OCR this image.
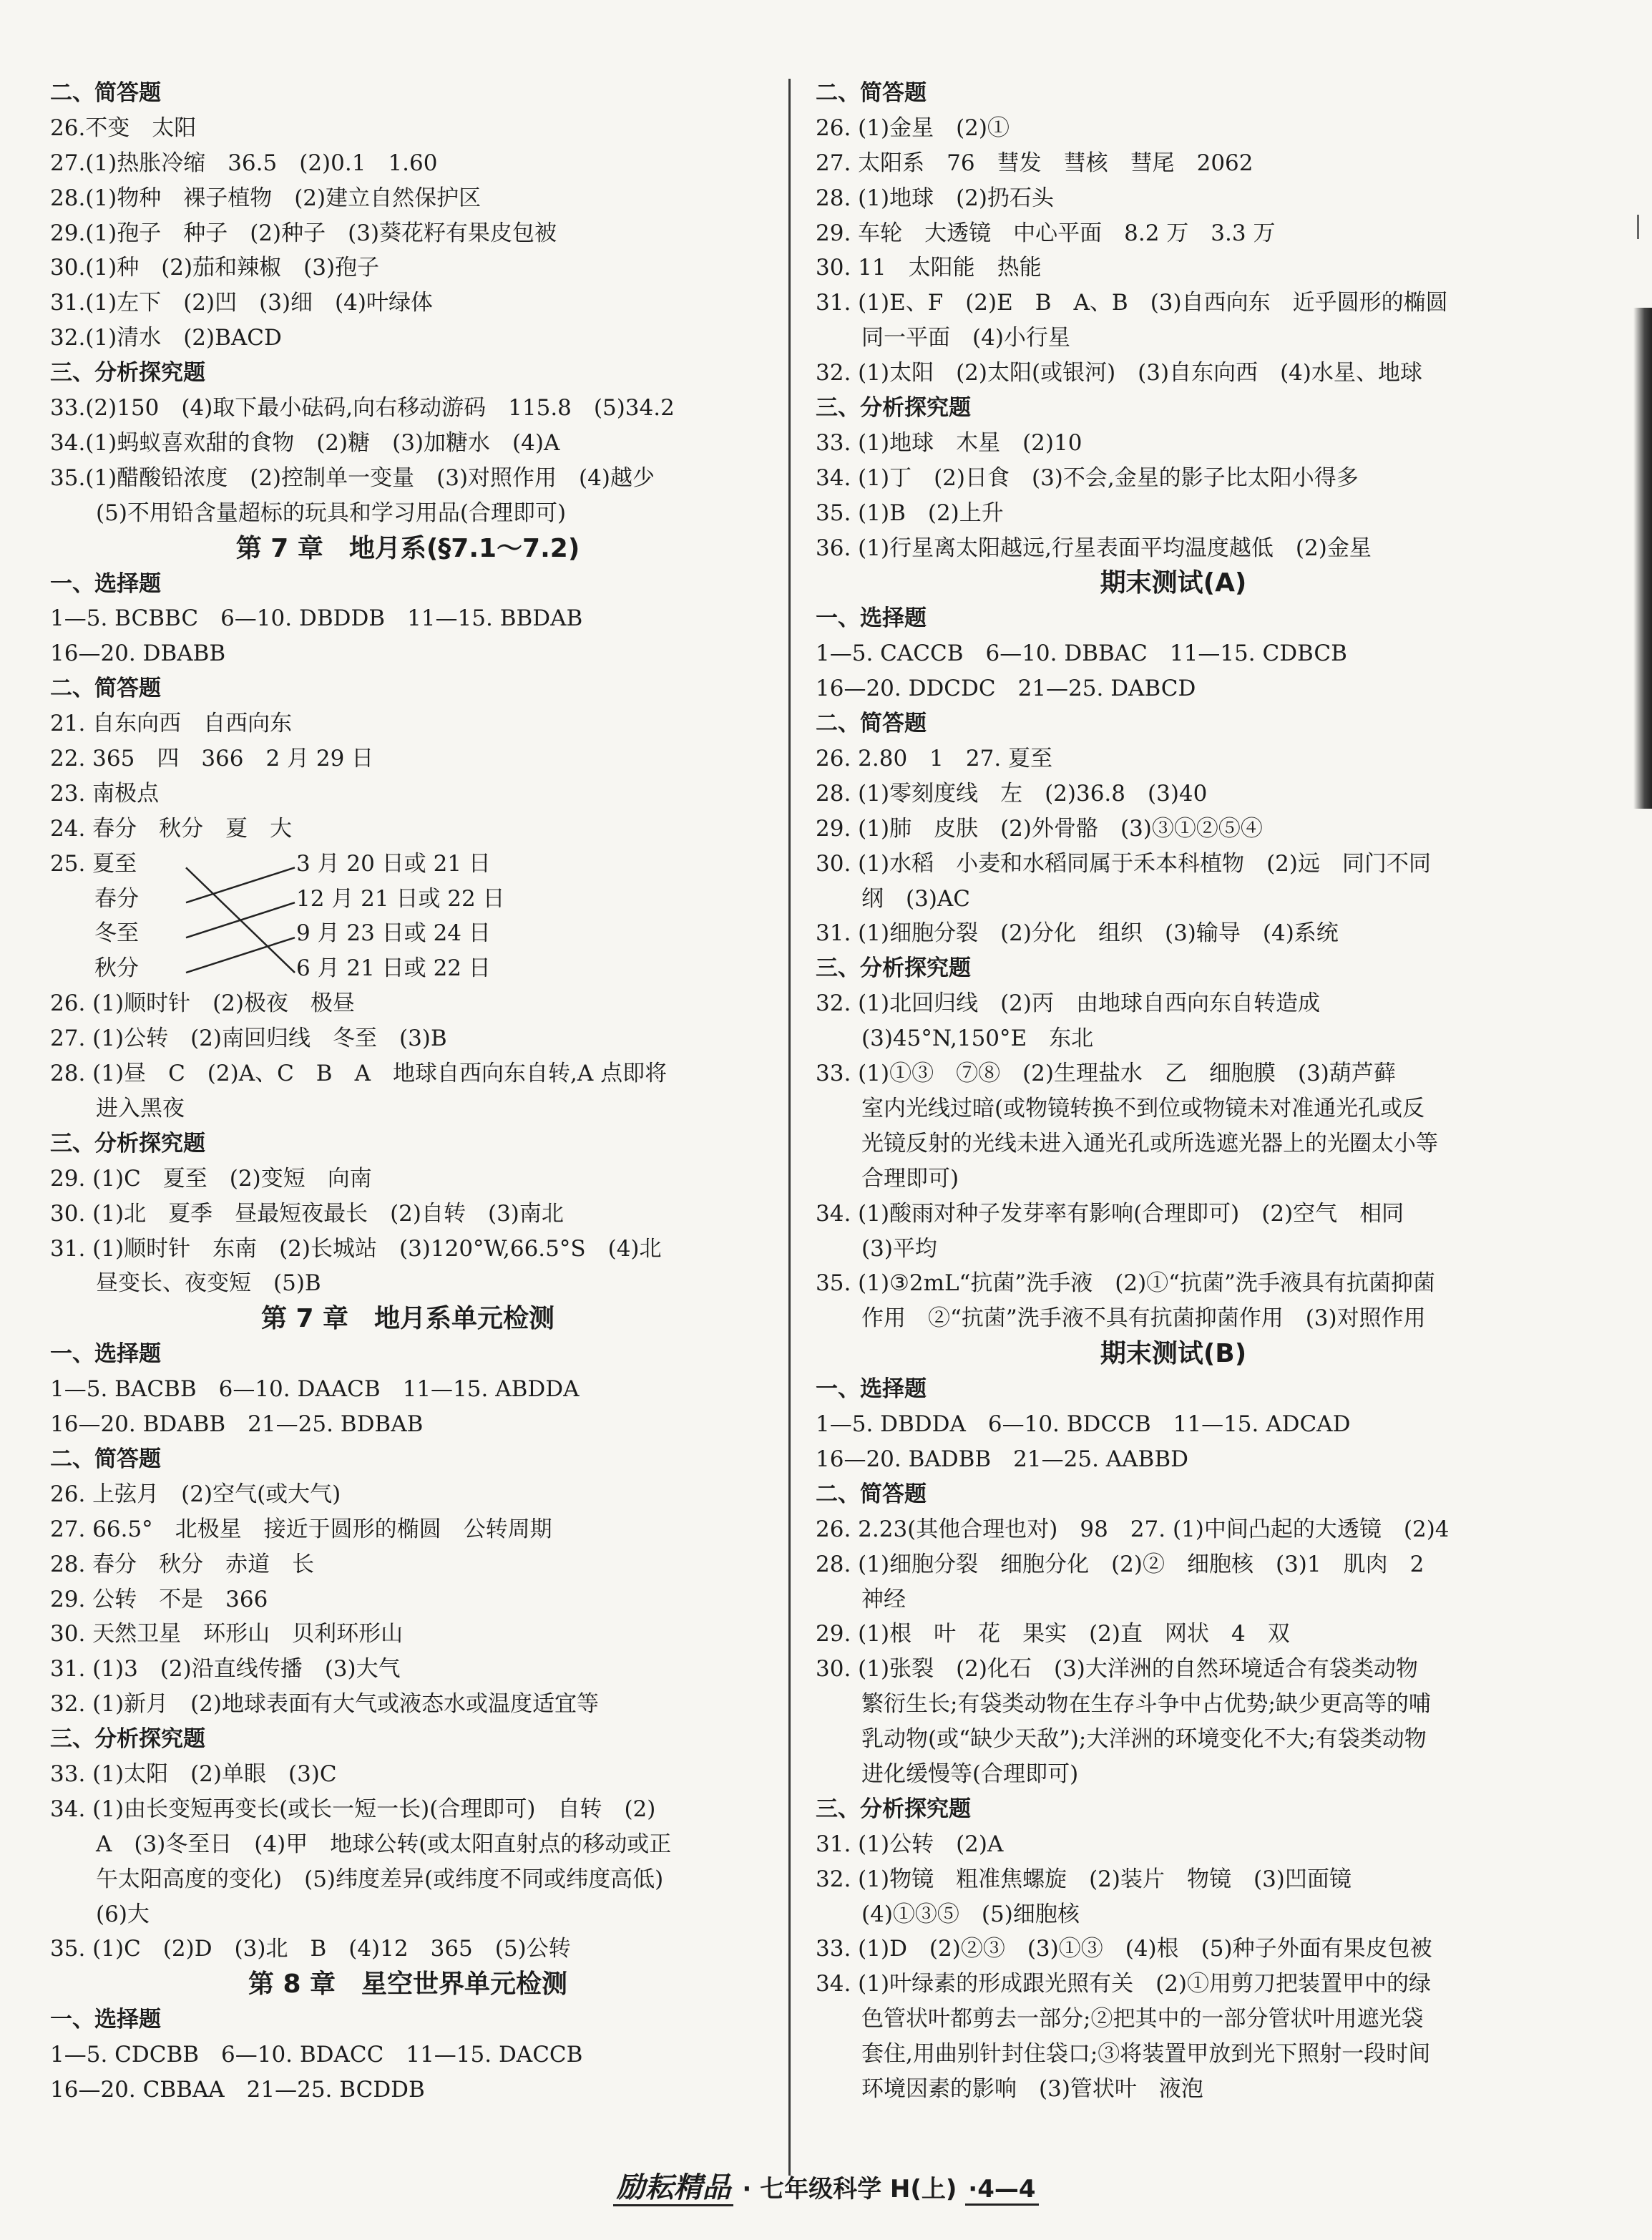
二、简答题
26.不变　太阳
27.(1)热胀冷缩　36.5　(2)0.1　1.60
28.(1)物种　裸子植物　(2)建立自然保护区
29.(1)孢子　种子　(2)种子　(3)葵花籽有果皮包被
30.(1)种　(2)茄和辣椒　(3)孢子
31.(1)左下　(2)凹　(3)细　(4)叶绿体
32.(1)清水　(2)BACD
三、分析探究题
33.(2)150　(4)取下最小砝码,向右移动游码　115.8　(5)34.2
34.(1)蚂蚁喜欢甜的食物　(2)糖　(3)加糖水　(4)A
35.(1)醋酸铅浓度　(2)控制单一变量　(3)对照作用　(4)越少
(5)不用铅含量超标的玩具和学习用品(合理即可)
第 7 章　地月系(§7.1～7.2)
一、选择题
1—5. BCBBC　6—10. DBDDB　11—15. BBDAB
16—20. DBABB
二、简答题
21. 自东向西　自西向东
22. 365　四　366　2 月 29 日
23. 南极点
24. 春分　秋分　夏　大
25. 夏至	3 月 20 日或 21 日
　　春分	12 月 21 日或 22 日
　　冬至	9 月 23 日或 24 日
　　秋分	6 月 21 日或 22 日
26. (1)顺时针　(2)极夜　极昼
27. (1)公转　(2)南回归线　冬至　(3)B
28. (1)昼　C　(2)A、C　B　A　地球自西向东自转,A 点即将
进入黑夜
三、分析探究题
29. (1)C　夏至　(2)变短　向南
30. (1)北　夏季　昼最短夜最长　(2)自转　(3)南北
31. (1)顺时针　东南　(2)长城站　(3)120°W,66.5°S　(4)北
昼变长、夜变短　(5)B
第 7 章　地月系单元检测
一、选择题
1—5. BACBB　6—10. DAACB　11—15. ABDDA
16—20. BDABB　21—25. BDBAB
二、简答题
26. 上弦月　(2)空气(或大气)
27. 66.5°　北极星　接近于圆形的椭圆　公转周期
28. 春分　秋分　赤道　长
29. 公转　不是　366
30. 天然卫星　环形山　贝利环形山
31. (1)3　(2)沿直线传播　(3)大气
32. (1)新月　(2)地球表面有大气或液态水或温度适宜等
三、分析探究题
33. (1)太阳　(2)单眼　(3)C
34. (1)由长变短再变长(或长一短一长)(合理即可)　自转　(2)
A　(3)冬至日　(4)甲　地球公转(或太阳直射点的移动或正
午太阳高度的变化)　(5)纬度差异(或纬度不同或纬度高低)
(6)大
35. (1)C　(2)D　(3)北　B　(4)12　365　(5)公转
第 8 章　星空世界单元检测
一、选择题
1—5. CDCBB　6—10. BDACC　11—15. DACCB
16—20. CBBAA　21—25. BCDDB
二、简答题
26. (1)金星　(2)①
27. 太阳系　76　彗发　彗核　彗尾　2062
28. (1)地球　(2)扔石头
29. 车轮　大透镜　中心平面　8.2 万　3.3 万
30. 11　太阳能　热能
31. (1)E、F　(2)E　B　A、B　(3)自西向东　近乎圆形的椭圆
同一平面　(4)小行星
32. (1)太阳　(2)太阳(或银河)　(3)自东向西　(4)水星、地球
三、分析探究题
33. (1)地球　木星　(2)10
34. (1)丁　(2)日食　(3)不会,金星的影子比太阳小得多
35. (1)B　(2)上升
36. (1)行星离太阳越远,行星表面平均温度越低　(2)金星
期末测试(A)
一、选择题
1—5. CACCB　6—10. DBBAC　11—15. CDBCB
16—20. DDCDC　21—25. DABCD
二、简答题
26. 2.80　1　27. 夏至
28. (1)零刻度线　左　(2)36.8　(3)40
29. (1)肺　皮肤　(2)外骨骼　(3)③①②⑤④
30. (1)水稻　小麦和水稻同属于禾本科植物　(2)远　同门不同
纲　(3)AC
31. (1)细胞分裂　(2)分化　组织　(3)输导　(4)系统
三、分析探究题
32. (1)北回归线　(2)丙　由地球自西向东自转造成
(3)45°N,150°E　东北
33. (1)①③　⑦⑧　(2)生理盐水　乙　细胞膜　(3)葫芦藓
室内光线过暗(或物镜转换不到位或物镜未对准通光孔或反
光镜反射的光线未进入通光孔或所选遮光器上的光圈太小等
合理即可)
34. (1)酸雨对种子发芽率有影响(合理即可)　(2)空气　相同
(3)平均
35. (1)③2mL“抗菌”洗手液　(2)①“抗菌”洗手液具有抗菌抑菌
作用　②“抗菌”洗手液不具有抗菌抑菌作用　(3)对照作用
期末测试(B)
一、选择题
1—5. DBDDA　6—10. BDCCB　11—15. ADCAD
16—20. BADBB　21—25. AABBD
二、简答题
26. 2.23(其他合理也对)　98　27. (1)中间凸起的大透镜　(2)4
28. (1)细胞分裂　细胞分化　(2)②　细胞核　(3)1　肌肉　2
神经
29. (1)根　叶　花　果实　(2)直　网状　4　双
30. (1)张裂　(2)化石　(3)大洋洲的自然环境适合有袋类动物
繁衍生长;有袋类动物在生存斗争中占优势;缺少更高等的哺
乳动物(或“缺少天敌”);大洋洲的环境变化不大;有袋类动物
进化缓慢等(合理即可)
三、分析探究题
31. (1)公转　(2)A
32. (1)物镜　粗准焦螺旋　(2)装片　物镜　(3)凹面镜
(4)①③⑤　(5)细胞核
33. (1)D　(2)②③　(3)①③　(4)根　(5)种子外面有果皮包被
34. (1)叶绿素的形成跟光照有关　(2)①用剪刀把装置甲中的绿
色管状叶都剪去一部分;②把其中的一部分管状叶用遮光袋
套住,用曲别针封住袋口;③将装置甲放到光下照射一段时间
环境因素的影响　(3)管状叶　液泡
励耘精品 · 七年级科学 H(上) ·4—4
